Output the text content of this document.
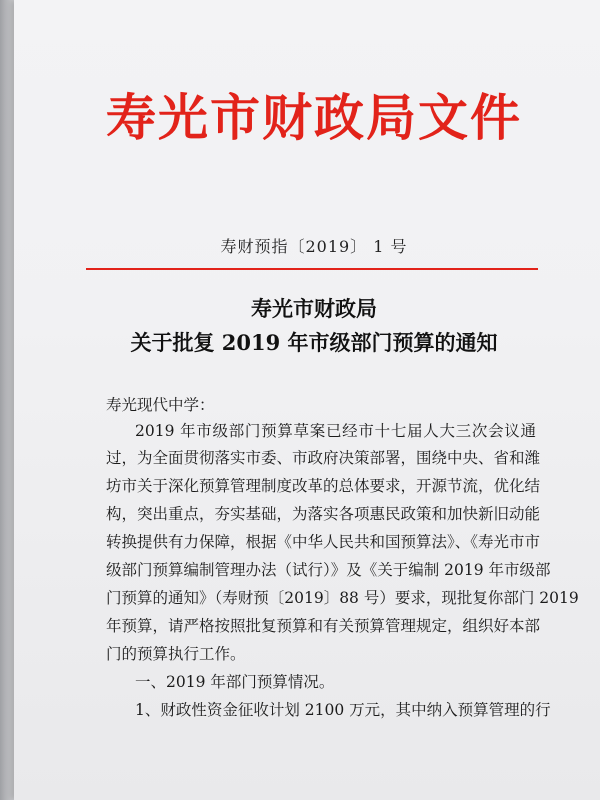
寿光市财政局文件
寿财预指〔2019〕 1 号
寿光市财政局
关于批复 2019 年市级部门预算的通知
寿光现代中学：
2019 年市级部门预算草案已经市十七届人大三次会议通
过，为全面贯彻落实市委、市政府决策部署，围绕中央、省和潍
坊市关于深化预算管理制度改革的总体要求，开源节流，优化结
构，突出重点，夯实基础，为落实各项惠民政策和加快新旧动能
转换提供有力保障，根据《中华人民共和国预算法》、《寿光市市
级部门预算编制管理办法（试行）》及《关于编制 2019 年市级部
门预算的通知》（寿财预〔2019〕88 号）要求，现批复你部门 2019
年预算，请严格按照批复预算和有关预算管理规定，组织好本部
门的预算执行工作。
一、2019 年部门预算情况。
1、财政性资金征收计划 2100 万元，其中纳入预算管理的行
